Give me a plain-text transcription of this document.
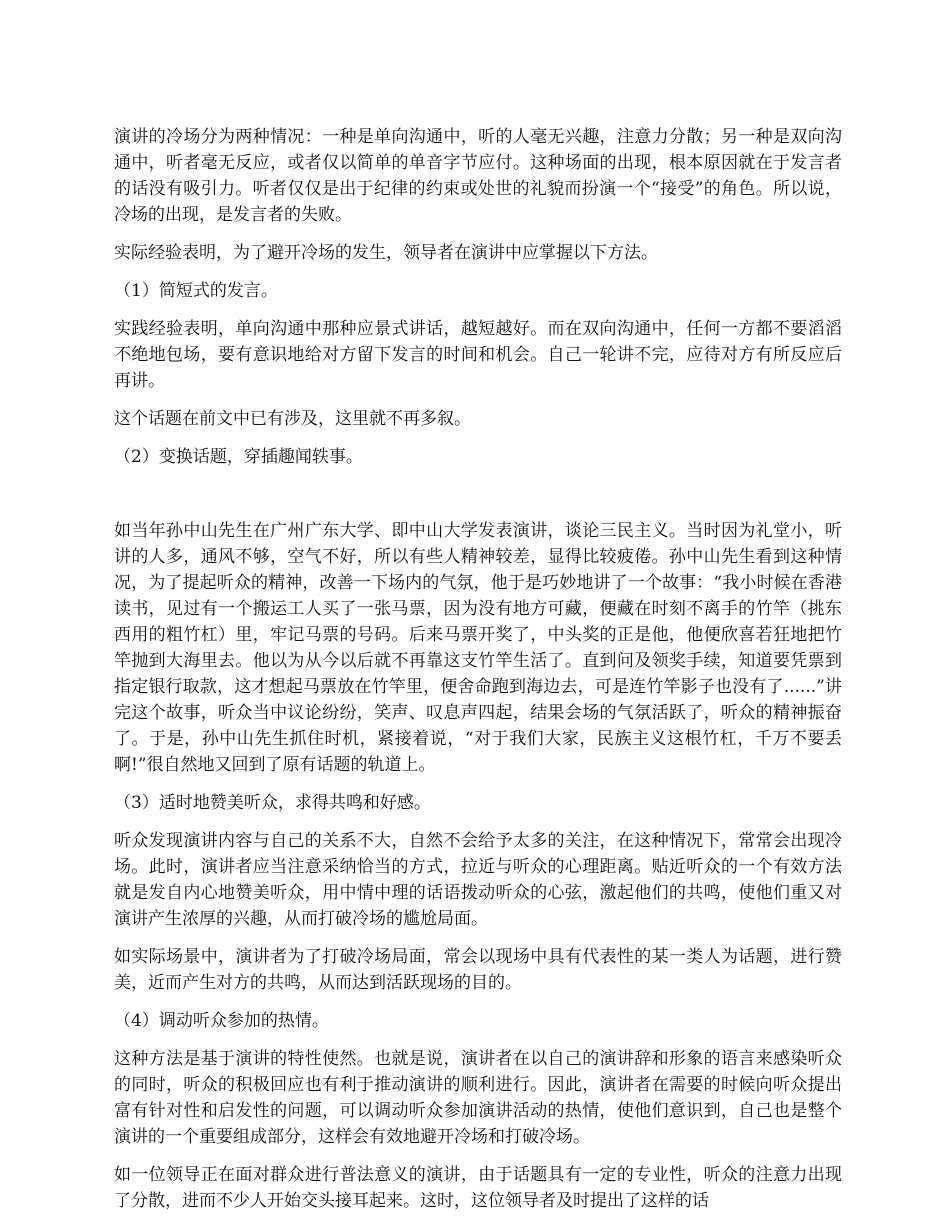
演讲的冷场分为两种情况：一种是单向沟通中，听的人毫无兴趣，注意力分散；另一种是双向沟通中，听者毫无反应，或者仅以简单的单音字节应付。这种场面的出现，根本原因就在于发言者的话没有吸引力。听者仅仅是出于纪律的约束或处世的礼貌而扮演一个“接受”的角色。所以说，冷场的出现，是发言者的失败。

实际经验表明，为了避开冷场的发生，领导者在演讲中应掌握以下方法。

（1）简短式的发言。

实践经验表明，单向沟通中那种应景式讲话，越短越好。而在双向沟通中，任何一方都不要滔滔不绝地包场，要有意识地给对方留下发言的时间和机会。自己一轮讲不完，应待对方有所反应后再讲。

这个话题在前文中已有涉及，这里就不再多叙。

（2）变换话题，穿插趣闻轶事。

如当年孙中山先生在广州广东大学、即中山大学发表演讲，谈论三民主义。当时因为礼堂小，听讲的人多，通风不够，空气不好，所以有些人精神较差，显得比较疲倦。孙中山先生看到这种情况，为了提起听众的精神，改善一下场内的气氛，他于是巧妙地讲了一个故事：“我小时候在香港读书，见过有一个搬运工人买了一张马票，因为没有地方可藏，便藏在时刻不离手的竹竿（挑东西用的粗竹杠）里，牢记马票的号码。后来马票开奖了，中头奖的正是他，他便欣喜若狂地把竹竿抛到大海里去。他以为从今以后就不再靠这支竹竿生活了。直到问及领奖手续，知道要凭票到指定银行取款，这才想起马票放在竹竿里，便舍命跑到海边去，可是连竹竿影子也没有了......”讲完这个故事，听众当中议论纷纷，笑声、叹息声四起，结果会场的气氛活跃了，听众的精神振奋了。于是，孙中山先生抓住时机，紧接着说，“对于我们大家，民族主义这根竹杠，千万不要丢啊!”很自然地又回到了原有话题的轨道上。

（3）适时地赞美听众，求得共鸣和好感。

听众发现演讲内容与自己的关系不大，自然不会给予太多的关注，在这种情况下，常常会出现冷场。此时，演讲者应当注意采纳恰当的方式，拉近与听众的心理距离。贴近听众的一个有效方法就是发自内心地赞美听众，用中情中理的话语拨动听众的心弦，激起他们的共鸣，使他们重又对演讲产生浓厚的兴趣，从而打破冷场的尴尬局面。

如实际场景中，演讲者为了打破冷场局面，常会以现场中具有代表性的某一类人为话题，进行赞美，近而产生对方的共鸣，从而达到活跃现场的目的。

（4）调动听众参加的热情。

这种方法是基于演讲的特性使然。也就是说，演讲者在以自己的演讲辞和形象的语言来感染听众的同时，听众的积极回应也有利于推动演讲的顺利进行。因此，演讲者在需要的时候向听众提出富有针对性和启发性的问题，可以调动听众参加演讲活动的热情，使他们意识到，自己也是整个演讲的一个重要组成部分，这样会有效地避开冷场和打破冷场。

如一位领导正在面对群众进行普法意义的演讲，由于话题具有一定的专业性，听众的注意力出现了分散，进而不少人开始交头接耳起来。这时，这位领导者及时提出了这样的话
